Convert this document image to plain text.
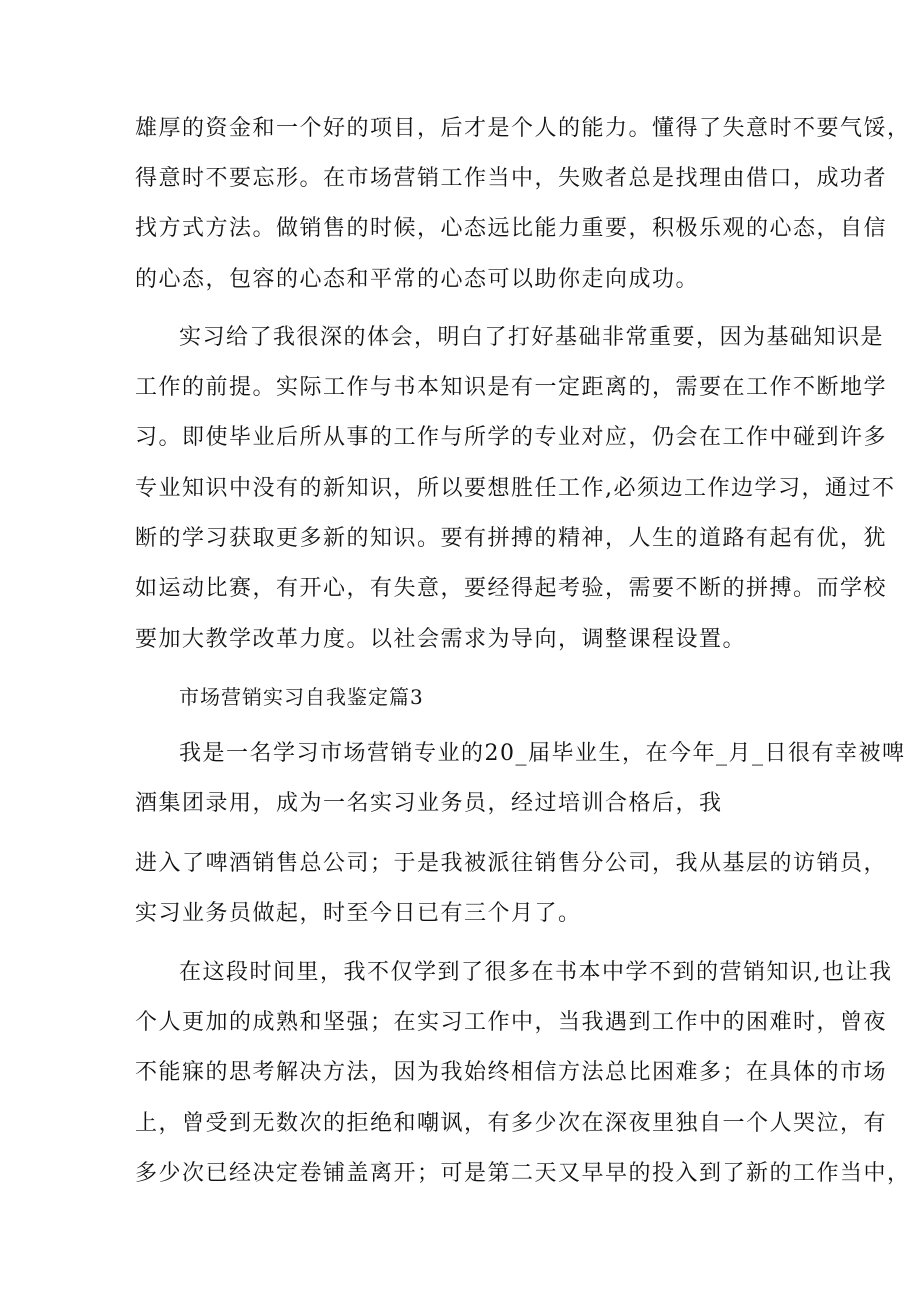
雄厚的资金和一个好的项目，后才是个人的能力。懂得了失意时不要气馁，
得意时不要忘形。在市场营销工作当中，失败者总是找理由借口，成功者
找方式方法。做销售的时候，心态远比能力重要，积极乐观的心态，自信
的心态，包容的心态和平常的心态可以助你走向成功。
实习给了我很深的体会，明白了打好基础非常重要，因为基础知识是
工作的前提。实际工作与书本知识是有一定距离的，需要在工作不断地学
习。即使毕业后所从事的工作与所学的专业对应，仍会在工作中碰到许多
专业知识中没有的新知识，所以要想胜任工作,必须边工作边学习，通过不
断的学习获取更多新的知识。要有拼搏的精神，人生的道路有起有优，犹
如运动比赛，有开心，有失意，要经得起考验，需要不断的拼搏。而学校
要加大教学改革力度。以社会需求为导向，调整课程设置。
市场营销实习自我鉴定篇3
我是一名学习市场营销专业的20_届毕业生，在今年_月_日很有幸被啤
酒集团录用，成为一名实习业务员，经过培训合格后，我
进入了啤酒销售总公司；于是我被派往销售分公司，我从基层的访销员，
实习业务员做起，时至今日已有三个月了。
在这段时间里，我不仅学到了很多在书本中学不到的营销知识,也让我
个人更加的成熟和坚强；在实习工作中，当我遇到工作中的困难时，曾夜
不能寐的思考解决方法，因为我始终相信方法总比困难多；在具体的市场
上，曾受到无数次的拒绝和嘲讽，有多少次在深夜里独自一个人哭泣，有
多少次已经决定卷铺盖离开；可是第二天又早早的投入到了新的工作当中，
